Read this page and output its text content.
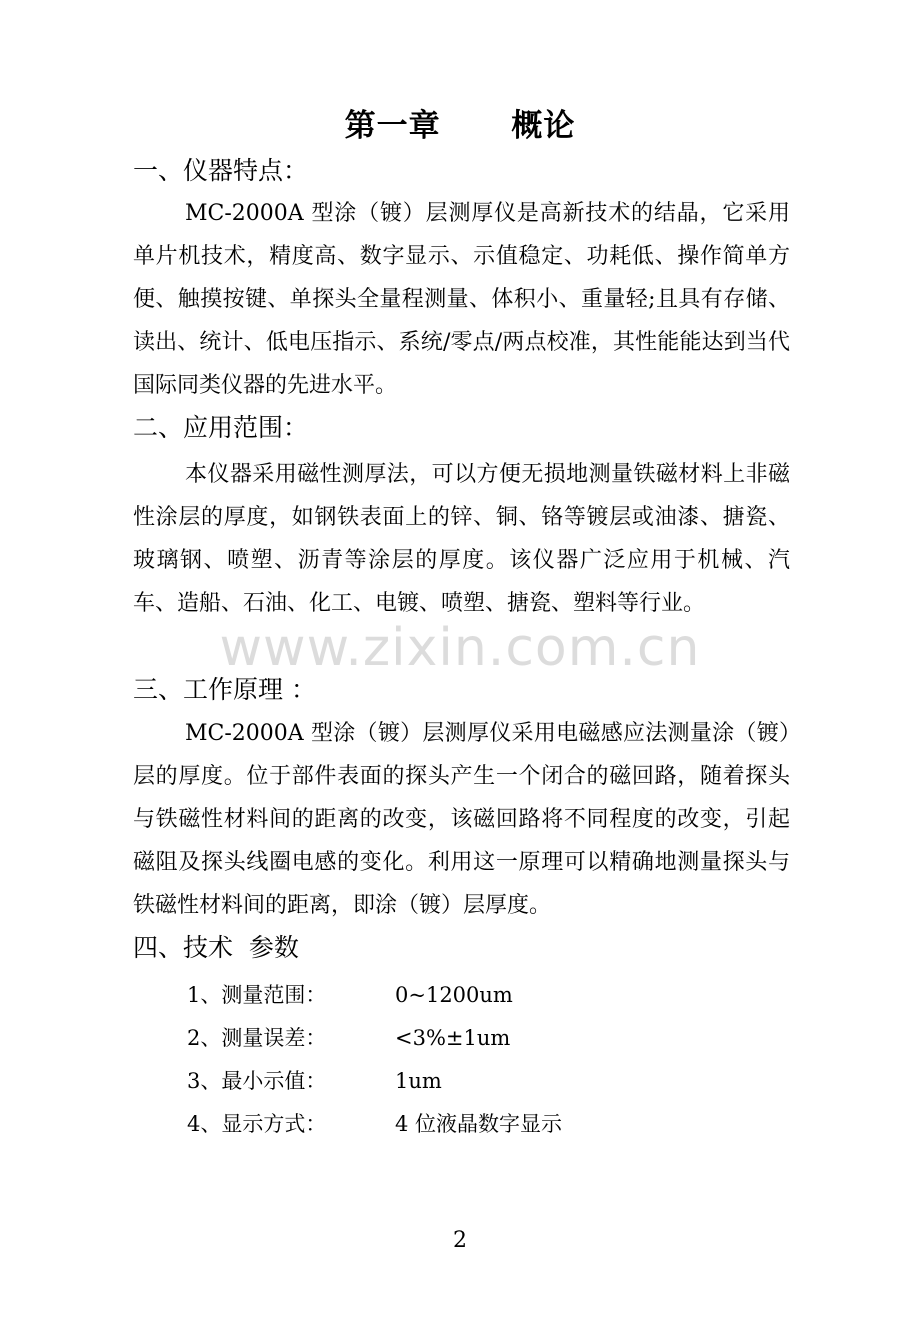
第一章      概论
一、仪器特点：

MC-2000A 型涂（镀）层测厚仪是高新技术的结晶，它采用单片机技术，精度高、数字显示、示值稳定、功耗低、操作简单方便、触摸按键、单探头全量程测量、体积小、重量轻;且具有存储、读出、统计、低电压指示、系统/零点/两点校准，其性能能达到当代国际同类仪器的先进水平。

二、应用范围：

本仪器采用磁性测厚法，可以方便无损地测量铁磁材料上非磁性涂层的厚度，如钢铁表面上的锌、铜、铬等镀层或油漆、搪瓷、玻璃钢、喷塑、沥青等涂层的厚度。该仪器广泛应用于机械、汽车、造船、石油、化工、电镀、喷塑、搪瓷、塑料等行业。

三、工作原理 ：

MC-2000A 型涂（镀）层测厚仪采用电磁感应法测量涂（镀）层的厚度。位于部件表面的探头产生一个闭合的磁回路，随着探头与铁磁性材料间的距离的改变，该磁回路将不同程度的改变，引起磁阻及探头线圈电感的变化。利用这一原理可以精确地测量探头与铁磁性材料间的距离，即涂（镀）层厚度。

四、技术  参数
1、测量范围：	0~1200um
2、测量误差：	<3%±1um
3、最小示值：	1um
4、显示方式：	4 位液晶数字显示
www.zixin.com.cn
2
